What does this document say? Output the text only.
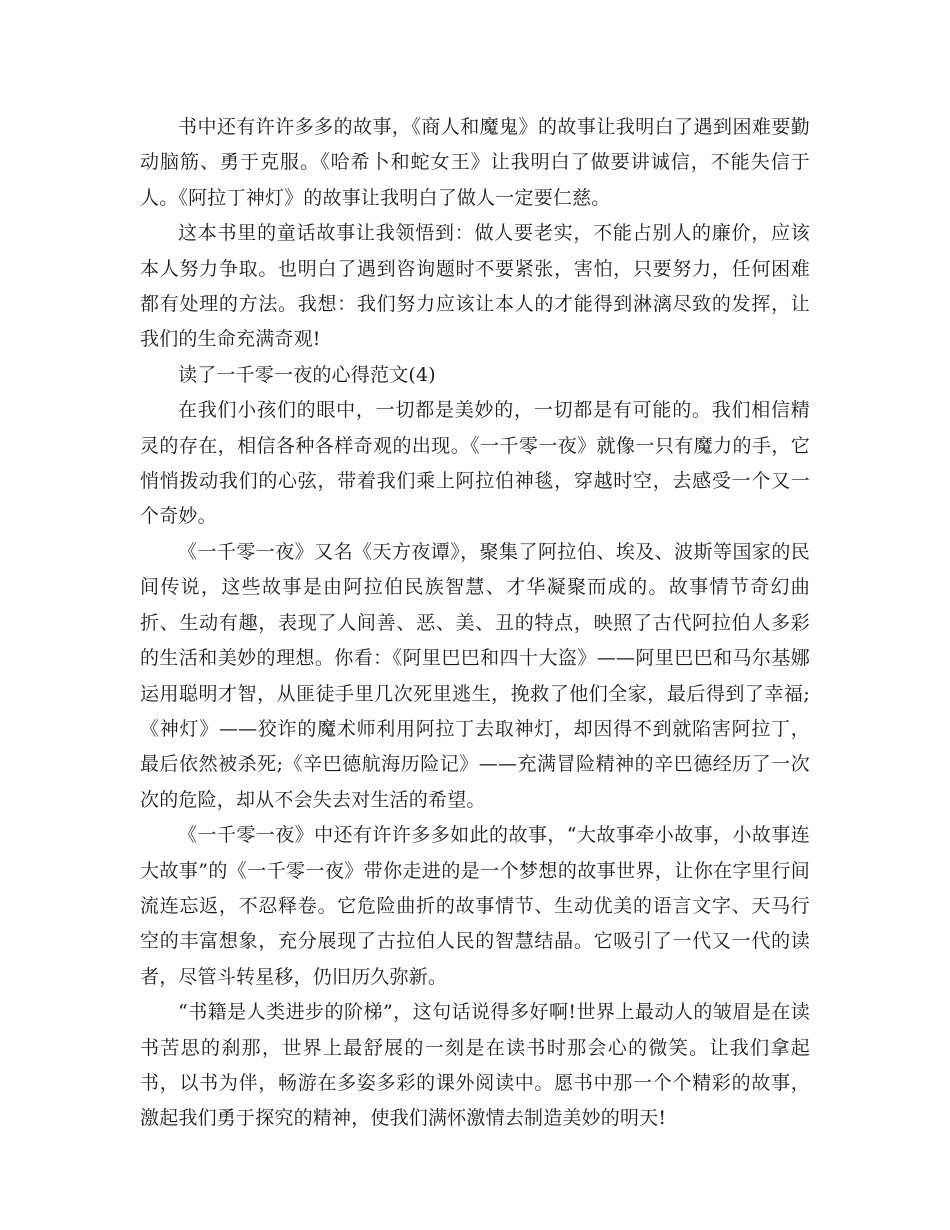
书中还有许许多多的故事，《商人和魔鬼》的故事让我明白了遇到困难要勤动脑筋、勇于克服。《哈希卜和蛇女王》让我明白了做要讲诚信，不能失信于人。《阿拉丁神灯》的故事让我明白了做人一定要仁慈。

这本书里的童话故事让我领悟到：做人要老实，不能占别人的廉价，应该本人努力争取。也明白了遇到咨询题时不要紧张，害怕，只要努力，任何困难都有处理的方法。我想：我们努力应该让本人的才能得到淋漓尽致的发挥，让我们的生命充满奇观!

读了一千零一夜的心得范文(4)

在我们小孩们的眼中，一切都是美妙的，一切都是有可能的。我们相信精灵的存在，相信各种各样奇观的出现。《一千零一夜》就像一只有魔力的手，它悄悄拨动我们的心弦，带着我们乘上阿拉伯神毯，穿越时空，去感受一个又一个奇妙。

《一千零一夜》又名《天方夜谭》，聚集了阿拉伯、埃及、波斯等国家的民间传说，这些故事是由阿拉伯民族智慧、才华凝聚而成的。故事情节奇幻曲折、生动有趣，表现了人间善、恶、美、丑的特点，映照了古代阿拉伯人多彩的生活和美妙的理想。你看：《阿里巴巴和四十大盗》——阿里巴巴和马尔基娜运用聪明才智，从匪徒手里几次死里逃生，挽救了他们全家，最后得到了幸福;《神灯》——狡诈的魔术师利用阿拉丁去取神灯，却因得不到就陷害阿拉丁，最后依然被杀死;《辛巴德航海历险记》——充满冒险精神的辛巴德经历了一次次的危险，却从不会失去对生活的希望。

《一千零一夜》中还有许许多多如此的故事，“大故事牵小故事，小故事连大故事”的《一千零一夜》带你走进的是一个梦想的故事世界，让你在字里行间流连忘返，不忍释卷。它危险曲折的故事情节、生动优美的语言文字、天马行空的丰富想象，充分展现了古拉伯人民的智慧结晶。它吸引了一代又一代的读者，尽管斗转星移，仍旧历久弥新。

“书籍是人类进步的阶梯”，这句话说得多好啊!世界上最动人的皱眉是在读书苦思的刹那，世界上最舒展的一刻是在读书时那会心的微笑。让我们拿起书，以书为伴，畅游在多姿多彩的课外阅读中。愿书中那一个个精彩的故事，激起我们勇于探究的精神，使我们满怀激情去制造美妙的明天!
